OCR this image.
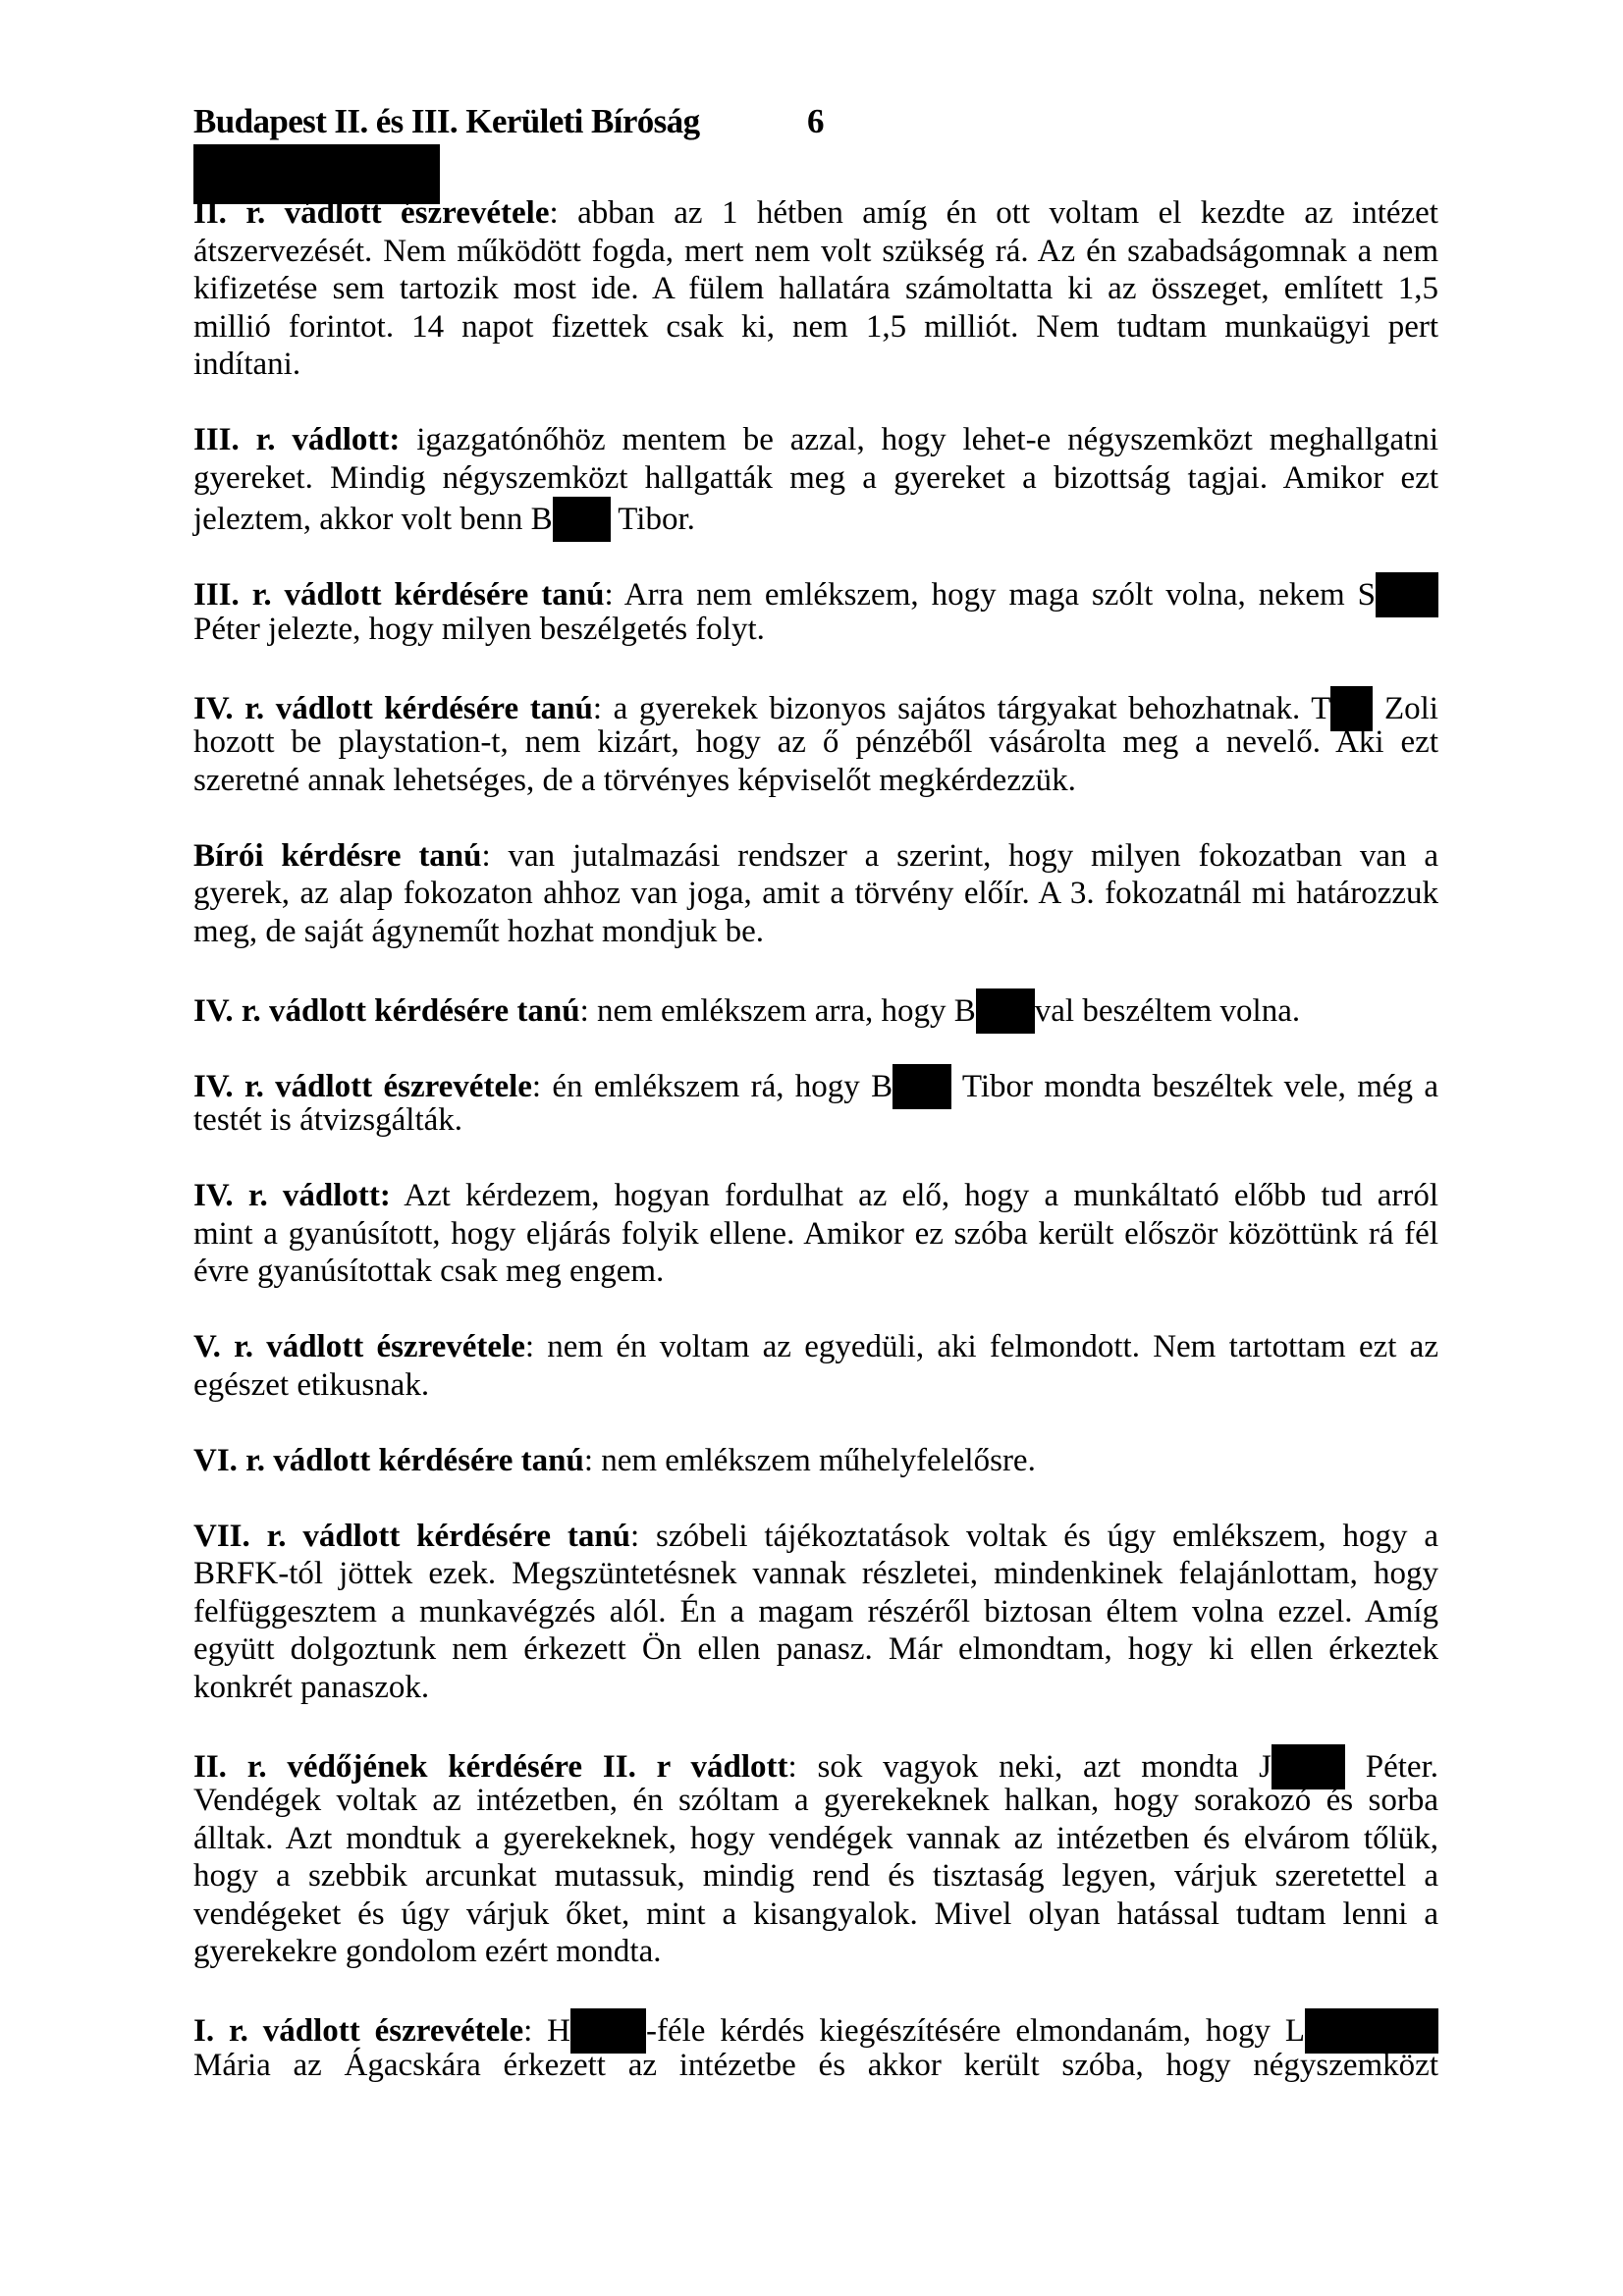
Budapest II. és III. Kerületi Bíróság	6
II. r. vádlott észrevétele: abban az 1 hétben amíg én ott voltam el kezdte az intézet
átszervezését. Nem működött fogda, mert nem volt szükség rá. Az én szabadságomnak a nem
kifizetése sem tartozik most ide. A fülem hallatára számoltatta ki az összeget, említett 1,5
millió forintot. 14 napot fizettek csak ki, nem 1,5 milliót. Nem tudtam munkaügyi pert
indítani.
III. r. vádlott: igazgatónőhöz mentem be azzal, hogy lehet-e négyszemközt meghallgatni
gyereket. Mindig négyszemközt hallgatták meg a gyereket a bizottság tagjai. Amikor ezt
jeleztem, akkor volt benn B Tibor.
III. r. vádlott kérdésére tanú: Arra nem emlékszem, hogy maga szólt volna, nekem S
Péter jelezte, hogy milyen beszélgetés folyt.
IV. r. vádlott kérdésére tanú: a gyerekek bizonyos sajátos tárgyakat behozhatnak. T Zoli
hozott be playstation-t, nem kizárt, hogy az ő pénzéből vásárolta meg a nevelő. Aki ezt
szeretné annak lehetséges, de a törvényes képviselőt megkérdezzük.
Bírói kérdésre tanú: van jutalmazási rendszer a szerint, hogy milyen fokozatban van a
gyerek, az alap fokozaton ahhoz van joga, amit a törvény előír. A 3. fokozatnál mi határozzuk
meg, de saját ágyneműt hozhat mondjuk be.
IV. r. vádlott kérdésére tanú: nem emlékszem arra, hogy B val beszéltem volna.
IV. r. vádlott észrevétele: én emlékszem rá, hogy B Tibor mondta beszéltek vele, még a
testét is átvizsgálták.
IV. r. vádlott: Azt kérdezem, hogyan fordulhat az elő, hogy a munkáltató előbb tud arról
mint a gyanúsított, hogy eljárás folyik ellene. Amikor ez szóba került először közöttünk rá fél
évre gyanúsítottak csak meg engem.
V. r. vádlott észrevétele: nem én voltam az egyedüli, aki felmondott. Nem tartottam ezt az
egészet etikusnak.
VI. r. vádlott kérdésére tanú: nem emlékszem műhelyfelelősre.
VII. r. vádlott kérdésére tanú: szóbeli tájékoztatások voltak és úgy emlékszem, hogy a
BRFK-tól jöttek ezek. Megszüntetésnek vannak részletei, mindenkinek felajánlottam, hogy
felfüggesztem a munkavégzés alól. Én a magam részéről biztosan éltem volna ezzel. Amíg
együtt dolgoztunk nem érkezett Ön ellen panasz. Már elmondtam, hogy ki ellen érkeztek
konkrét panaszok.
II. r. védőjének kérdésére II. r vádlott: sok vagyok neki, azt mondta J Péter.
Vendégek voltak az intézetben, én szóltam a gyerekeknek halkan, hogy sorakozó és sorba
álltak. Azt mondtuk a gyerekeknek, hogy vendégek vannak az intézetben és elvárom tőlük,
hogy a szebbik arcunkat mutassuk, mindig rend és tisztaság legyen, várjuk szeretettel a
vendégeket és úgy várjuk őket, mint a kisangyalok. Mivel olyan hatással tudtam lenni a
gyerekekre gondolom ezért mondta.
I. r. vádlott észrevétele: H -féle kérdés kiegészítésére elmondanám, hogy L
Mária az Ágacskára érkezett az intézetbe és akkor került szóba, hogy négyszemközt
